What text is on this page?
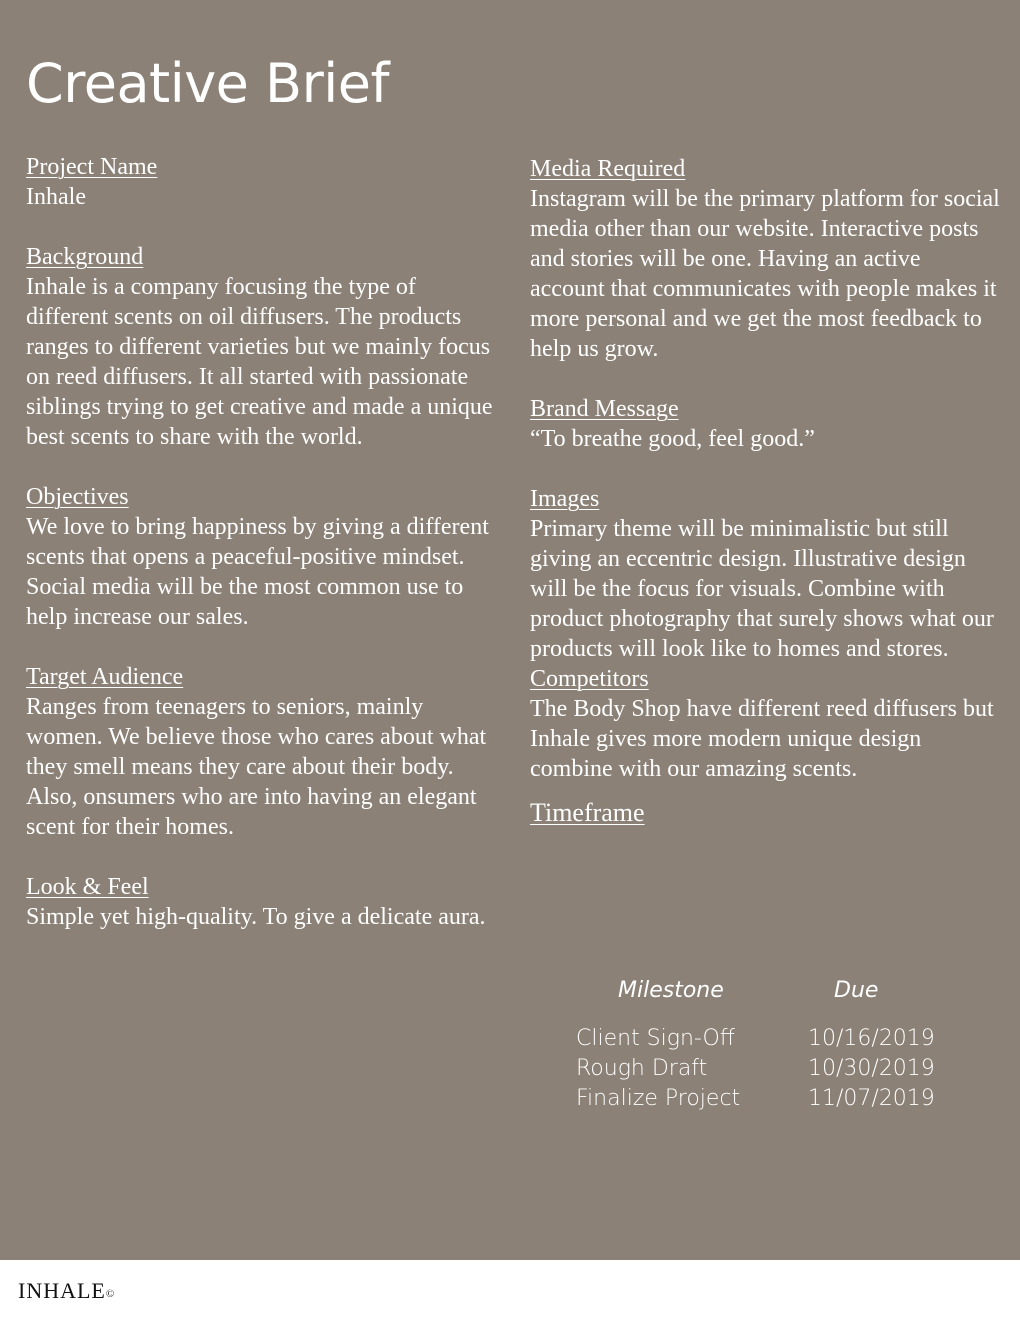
Creative Brief
Project Name
Inhale
Background
Inhale is a company focusing the type of different scents on oil diffusers. The products ranges to different varieties but we mainly focus on reed diffusers. It all started with passionate siblings trying to get creative and made a unique best scents to share with the world.
Objectives
We love to bring happiness by giving a different scents that opens a peaceful-positive mindset. Social media will be the most common use to help increase our sales.
Target Audience
Ranges from teenagers to seniors, mainly women. We believe those who cares about what they smell means they care about their body. Also, onsumers who are into having an elegant scent for their homes.
Look & Feel
Simple yet high-quality. To give a delicate aura.
Media Required
Instagram will be the primary platform for social media other than our website. Interactive posts and stories will be one. Having an active account that communicates with people makes it more personal and we get the most feedback to help us grow.
Brand Message
“To breathe good, feel good.”
Images
Primary theme will be minimalistic but still giving an eccentric design. Illustrative design will be the focus for visuals. Combine with product photography that surely shows what our products will look like to homes and stores.
Competitors
The Body Shop have different reed diffusers but Inhale gives more modern unique design combine with our amazing scents.
Timeframe
Milestone	Due
Client Sign-Off	10/16/2019
Rough Draft	10/30/2019
Finalize Project	11/07/2019
INHALE©
